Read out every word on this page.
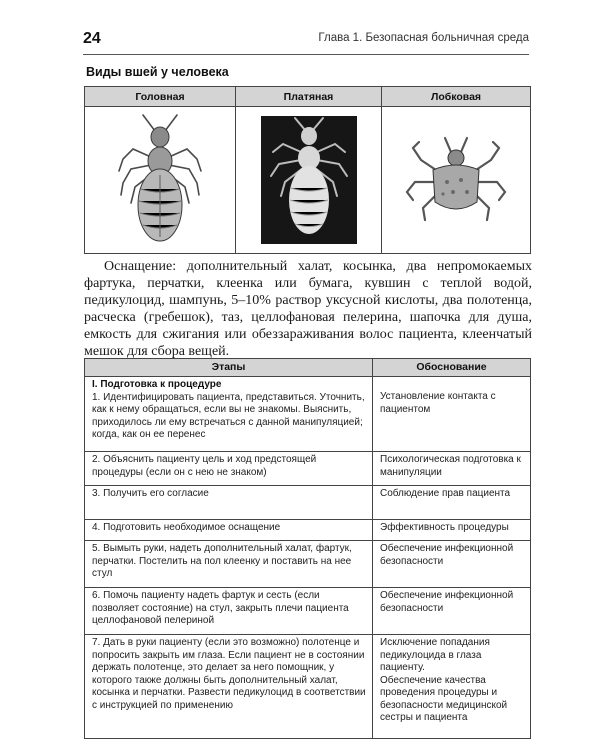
24	Глава 1. Безопасная больничная среда
Виды вшей у человека
Головная	Платяная	Лобковая

Оснащение: дополнительный халат, косынка, два непромокаемых фартука, перчатки, клеенка или бумага, кувшин с теплой водой, педикулоцид, шампунь, 5–10% раствор уксусной кислоты, два полотенца, расческа (гребешок), таз, целлофановая пелерина, шапочка для душа, емкость для сжигания или обеззараживания волос пациента, клеенчатый мешок для сбора вещей.

Этапы	Обоснование

I. Подготовка к процедуре
1. Идентифицировать пациента, представиться. Уточнить, как к нему обращаться, если вы не знакомы. Выяснить, приходилось ли ему встречаться с данной манипуляцией; когда, как он ее перенес	Установление контакта с пациентом

2. Объяснить пациенту цель и ход предстоящей процедуры (если он с нею не знаком)	Психологическая подготовка к манипуляции
3. Получить его согласие	Соблюдение прав пациента
4. Подготовить необходимое оснащение	Эффективность процедуры
5. Вымыть руки, надеть дополнительный халат, фартук, перчатки. Постелить на пол клеенку и поставить на нее стул	Обеспечение инфекционной безопасности
6. Помочь пациенту надеть фартук и сесть (если позволяет состояние) на стул, закрыть плечи пациента целлофановой пелериной	Обеспечение инфекционной безопасности
7. Дать в руки пациенту (если это возможно) полотенце и попросить закрыть им глаза. Если пациент не в состоянии держать полотенце, это делает за него помощник, у которого также должны быть дополнительный халат, косынка и перчатки. Развести педикулоцид в соответствии с инструкцией по применению	Исключение попадания педикулоцида в глаза пациенту.
Обеспечение качества проведения процедуры и безопасности медицинской сестры и пациента
